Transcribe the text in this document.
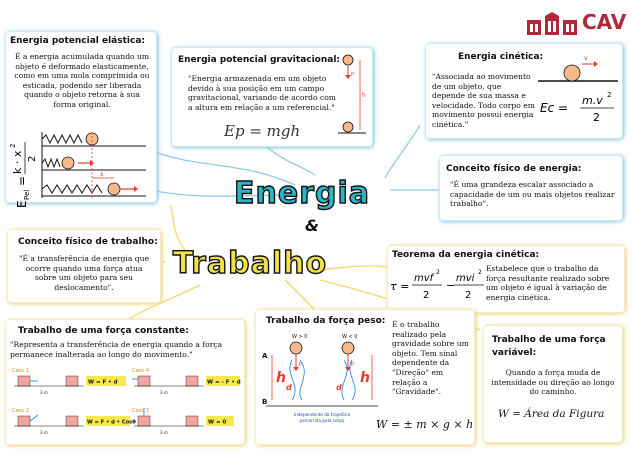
CAV
Energia potencial elástica:
É a energia acumulada quando um objeto é deformado elasticamente, como em uma mola comprimida ou esticada, podendo ser liberada quando o objeto retorna à sua forma original.
E
Pel
=
k · x
2
2
x
Energia potencial gravitacional:
"Energia armazenada em um objeto devido à sua posição em um campo gravitacional, variando de acordo com a altura em relação a um referencial."
Ep = mgh
P
h
Energia cinética:
"Associada ao movimento de um objeto, que depende de sua massa e velocidade. Todo corpo em movimento possui energia cinética."
v
Ec =
m.v 2
2
Conceito físico de energia:
"É uma grandeza escalar associado a capacidade de um ou mais objetos realizar trabalho".
Energia
&
Trabalho
Conceito físico de trabalho:
"É a transferência de energia que ocorre quando uma força atua sobre um objeto para seu deslocamento".
Teorema da energia cinética:
τ =
mvf
2
2
−
mvi
2
2
Estabelece que o trabalho da força resultante realizado sobre um objeto é igual à variação de energia cinética.
Trabalho de uma força constante:
"Representa a transferência de energia quando a força permanece inalterada ao longo do movimento."
Caso 1
3 m
W = F • d
Caso 4
3 m
W = - F • d
Caso 2
3 m
W = F • d • Cosθ
Caso 3
3 m
W = 0
Trabalho da força peso:
W > 0	W < 0
A
B
h	h
P	P
d	d
Independente da trajetória
percorrida pelo corpo
É o trabalho realizado pela gravidade sobre um objeto. Tem sinal dependente da "Direção" em relação a "Gravidade".
W = ± m × g × h
Trabalho de uma força variável:
Quando a força muda de intensidade ou direção ao longo do caminho.
W = Área da Figura
